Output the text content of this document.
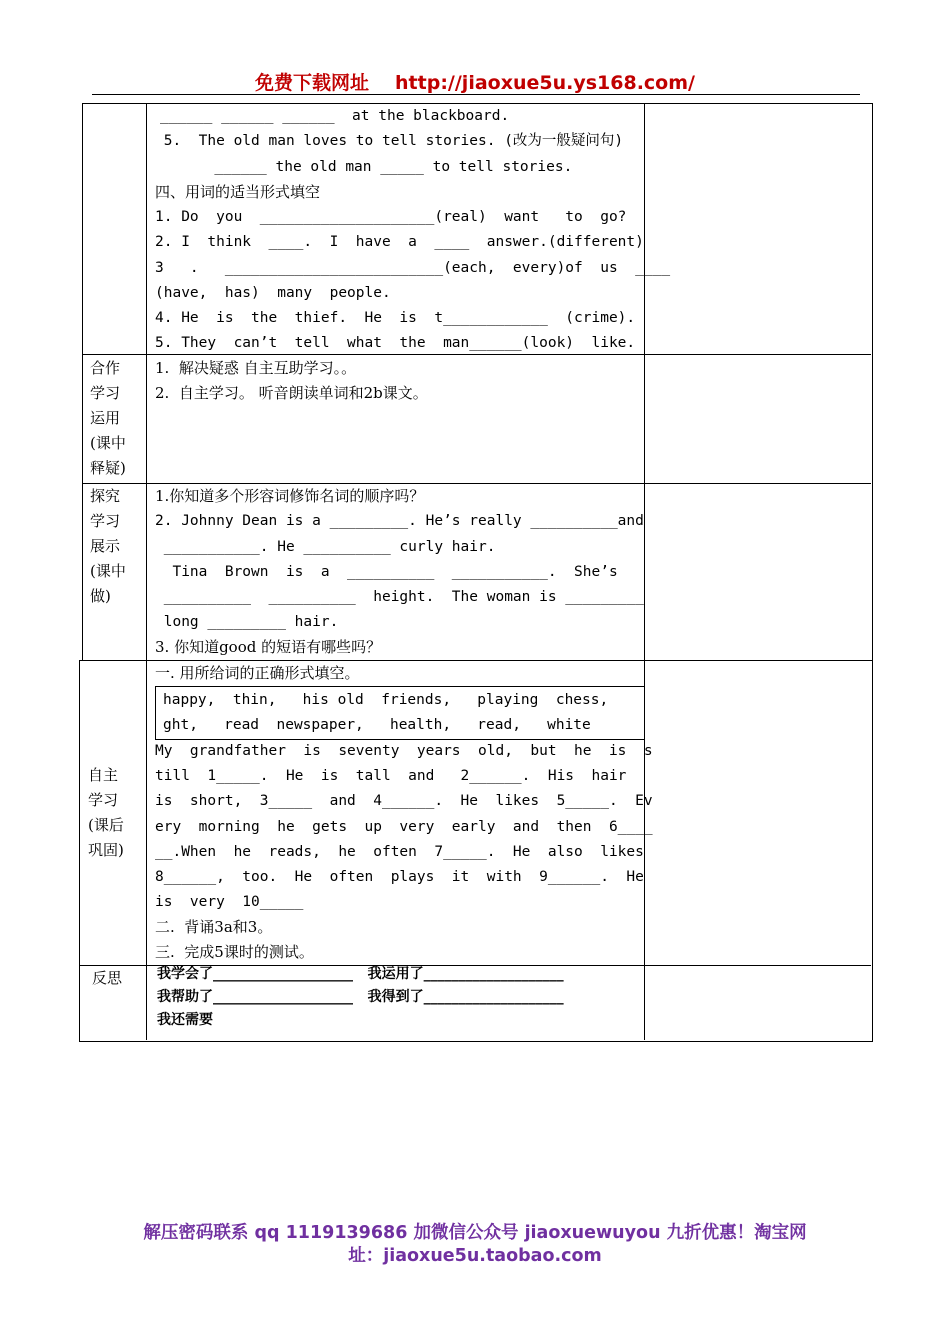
免费下载网址 http://jiaoxue5u.ys168.com/
______ ______ ______  at the blackboard.
5.  The old man loves to tell stories. (改为一般疑问句)
______ the old man _____ to tell stories.
四、用词的适当形式填空
1. Do  you  ____________________(real)  want   to  go?
2. I  think  ____.  I  have  a  ____  answer.(different)
3   .   _________________________(each,  every)of  us  ____
(have,  has)  many  people.
4. He  is  the  thief.  He  is  t____________  (crime).
5. They  can’t  tell  what  the  man______(look)  like.
合作
学习
运用
(课中
释疑)
1.  解决疑惑 自主互助学习。。
2.  自主学习。 听音朗读单词和2b课文。
探究
学习
展示
(课中
做)
1.你知道多个形容词修饰名词的顺序吗？
2. Johnny Dean is a _________. He’s really __________and
___________. He __________ curly hair.
Tina  Brown  is  a  __________  ___________.  She’s
__________  __________  height.  The woman is _________
long _________ hair.
3. 你知道good 的短语有哪些吗？
自主
学习
(课后
巩固)
一. 用所给词的正确形式填空。
happy,  thin,   his old  friends,   playing  chess,
ght,   read  newspaper,   health,   read,   white
My  grandfather  is  seventy  years  old,  but  he  is  s
till  1_____.  He  is  tall  and   2______.  His  hair
is  short,  3_____  and  4______.  He  likes  5_____.  Ev
ery  morning  he  gets  up  very  early  and  then  6____
__.When  he  reads,  he  often  7_____.  He  also  likes
8______,  too.  He  often  plays  it  with  9______.  He
is  very  10_____
二.  背诵3a和3。
三.  完成5课时的测试。
反思	我学会了____________________   我运用了____________________
我帮助了____________________   我得到了____________________
我还需要
解压密码联系 qq 1119139686 加微信公众号 jiaoxuewuyou 九折优惠！淘宝网
址：jiaoxue5u.taobao.com
